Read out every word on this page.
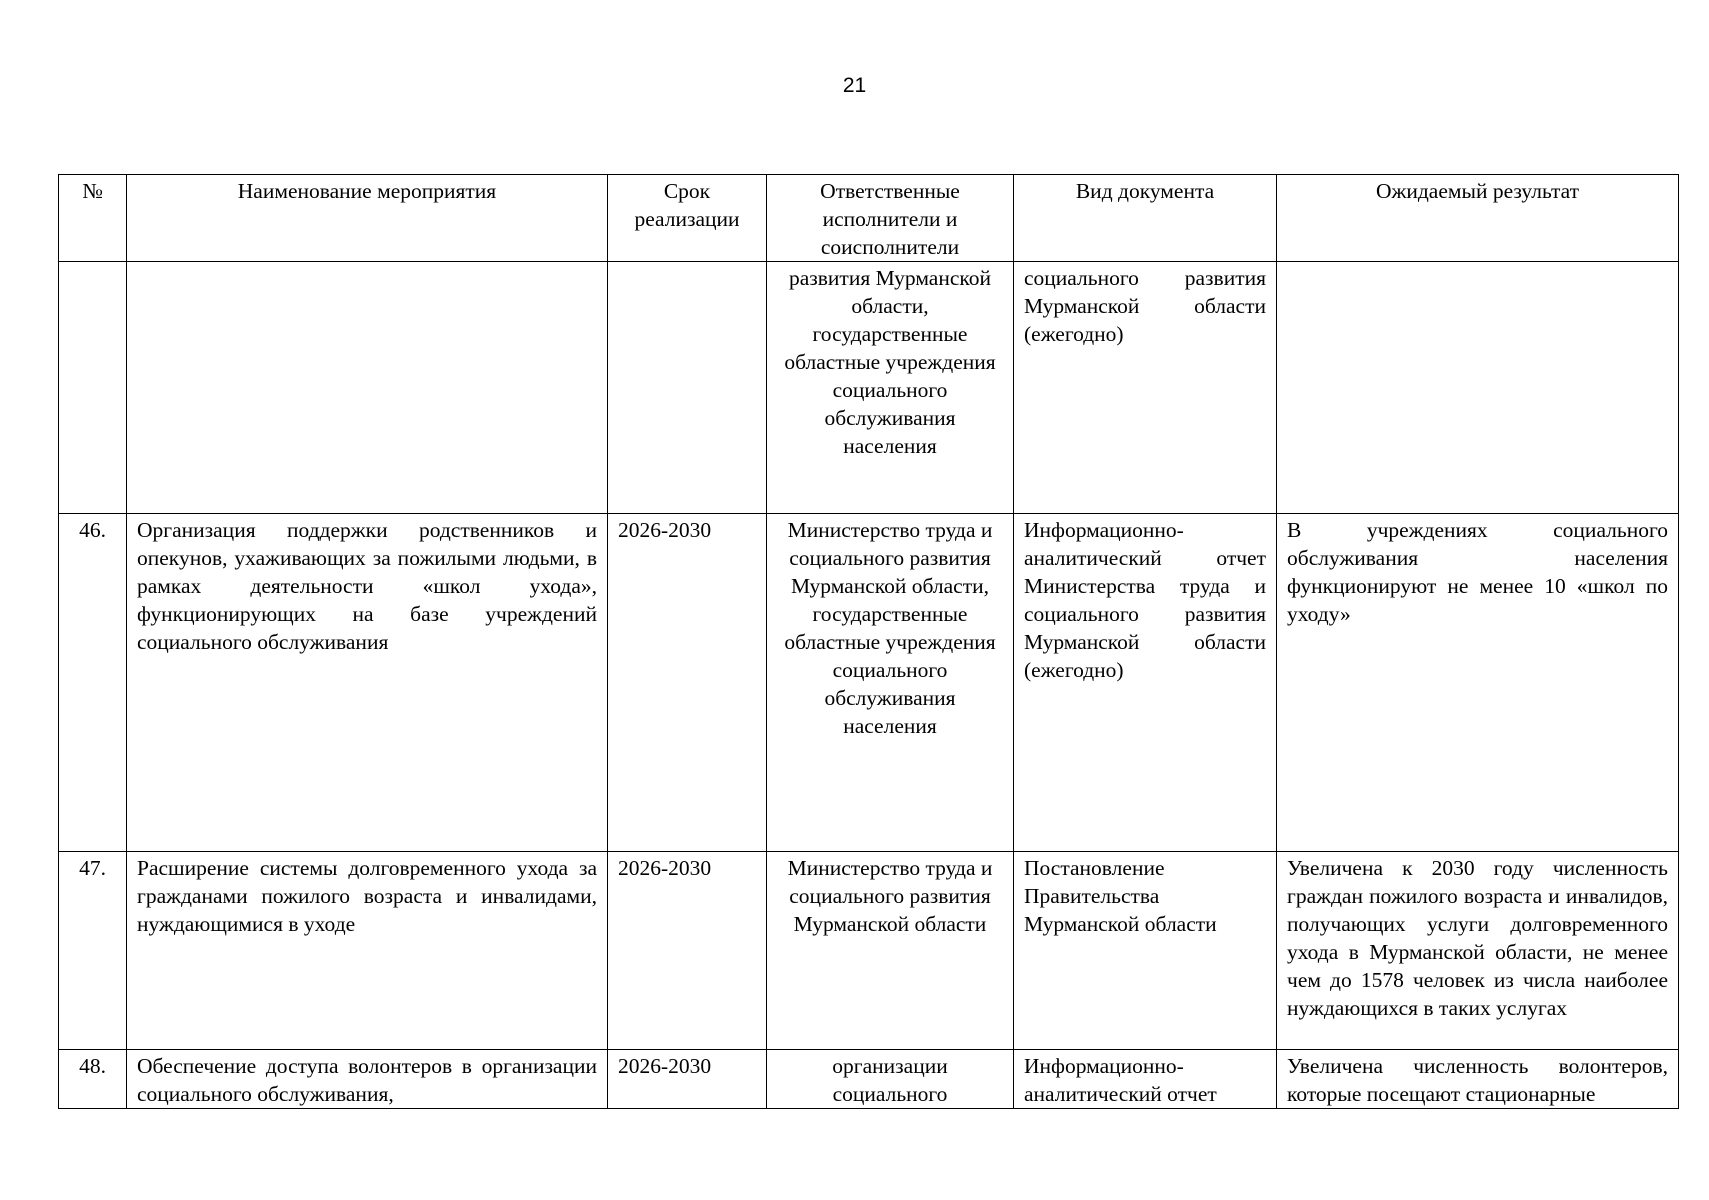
21
№	Наименование мероприятия	Срок реализации	Ответственные исполнители и соисполнители	Вид документа	Ожидаемый результат
			развития Мурманской области, государственные областные учреждения социального обслуживания населения	социального развития Мурманской области (ежегодно)	
46.	Организация поддержки родственников и опекунов, ухаживающих за пожилыми людьми, в рамках деятельности «школ ухода», функционирующих на базе учреждений социального обслуживания	2026-2030	Министерство труда и социального развития Мурманской области, государственные областные учреждения социального обслуживания населения	Информационно-аналитический отчет Министерства труда и социального развития Мурманской области (ежегодно)	В учреждениях социального обслуживания населения функционируют не менее 10 «школ по уходу»
47.	Расширение системы долговременного ухода за гражданами пожилого возраста и инвалидами, нуждающимися в уходе	2026-2030	Министерство труда и социального развития Мурманской области	Постановление Правительства Мурманской области	Увеличена к 2030 году численность граждан пожилого возраста и инвалидов, получающих услуги долговременного ухода в Мурманской области, не менее чем до 1578 человек из числа наиболее нуждающихся в таких услугах
48.	Обеспечение доступа волонтеров в организации социального обслуживания,	2026-2030	организации социального	Информационно-аналитический отчет	Увеличена численность волонтеров, которые посещают стационарные
